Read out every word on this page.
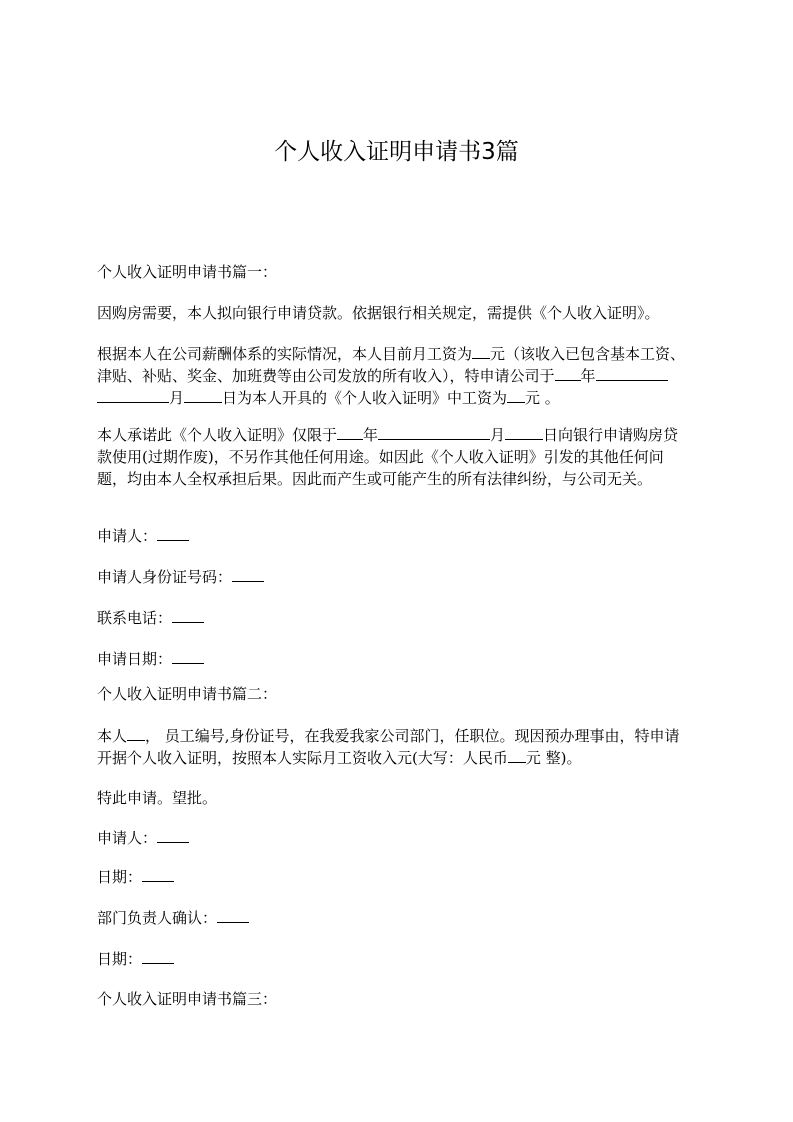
个人收入证明申请书3篇

个人收入证明申请书篇一：

因购房需要，本人拟向银行申请贷款。依据银行相关规定，需提供《个人收入证明》。

根据本人在公司薪酬体系的实际情况，本人目前月工资为 元（该收入已包含基本工资、津贴、补贴、奖金、加班费等由公司发放的所有收入），特申请公司于 年月	日为本人开具的《个人收入证明》中工资为 元 。

本人承诺此《个人收入证明》仅限于 年	月	日向银行申请购房贷款使用(过期作废)，不另作其他任何用途。如因此《个人收入证明》引发的其他任何问题，均由本人全权承担后果。因此而产生或可能产生的所有法律纠纷，与公司无关。

申请人：

申请人身份证号码：

联系电话：

申请日期：

个人收入证明申请书篇二：

本人 ， 员工编号,身份证号，在我爱我家公司部门，任职位。现因预办理事由，特申请开据个人收入证明，按照本人实际月工资收入元(大写：人民币 元 整)。

特此申请。望批。

申请人：

日期：

部门负责人确认：

日期：

个人收入证明申请书篇三：
